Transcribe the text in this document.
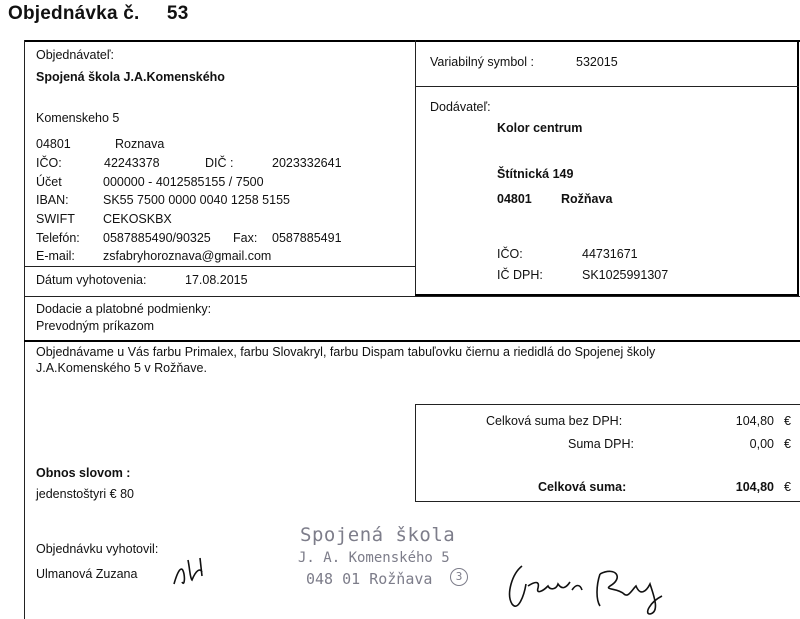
Objednávka č. 53
Objednávateľ:
Spojená škola J.A.Komenského
Komenskeho 5
04801	Roznava
IČO:	42243378	DIČ :	2023332641
Účet	000000 - 4012585155 / 7500
IBAN:	SK55 7500 0000 0040 1258 5155
SWIFT CEKOSKBX
Telefón: 0587885490/90325 Fax: 0587885491
E-mail: zsfabryhoroznava@gmail.com
Dátum vyhotovenia:	17.08.2015
Variabilný symbol :	532015
Dodávateľ:
Kolor centrum
Štítnická 149
04801 Rožňava
IČO:	44731671
IČ DPH:	SK1025991307
Dodacie a platobné podmienky:
Prevodným príkazom
Objednávame u Vás farbu Primalex, farbu Slovakryl, farbu Dispam tabuľovku čiernu a riedidlá do Spojenej školy
J.A.Komenského 5 v Rožňave.
Celková suma bez DPH:	104,80 €
Suma DPH:	0,00 €
Celková suma:	104,80 €
Obnos slovom :
jedenstoštyri € 80
Objednávku vyhotovil:
Ulmanová Zuzana
Spojená škola
J. A. Komenského 5
048 01 Rožňava	3
